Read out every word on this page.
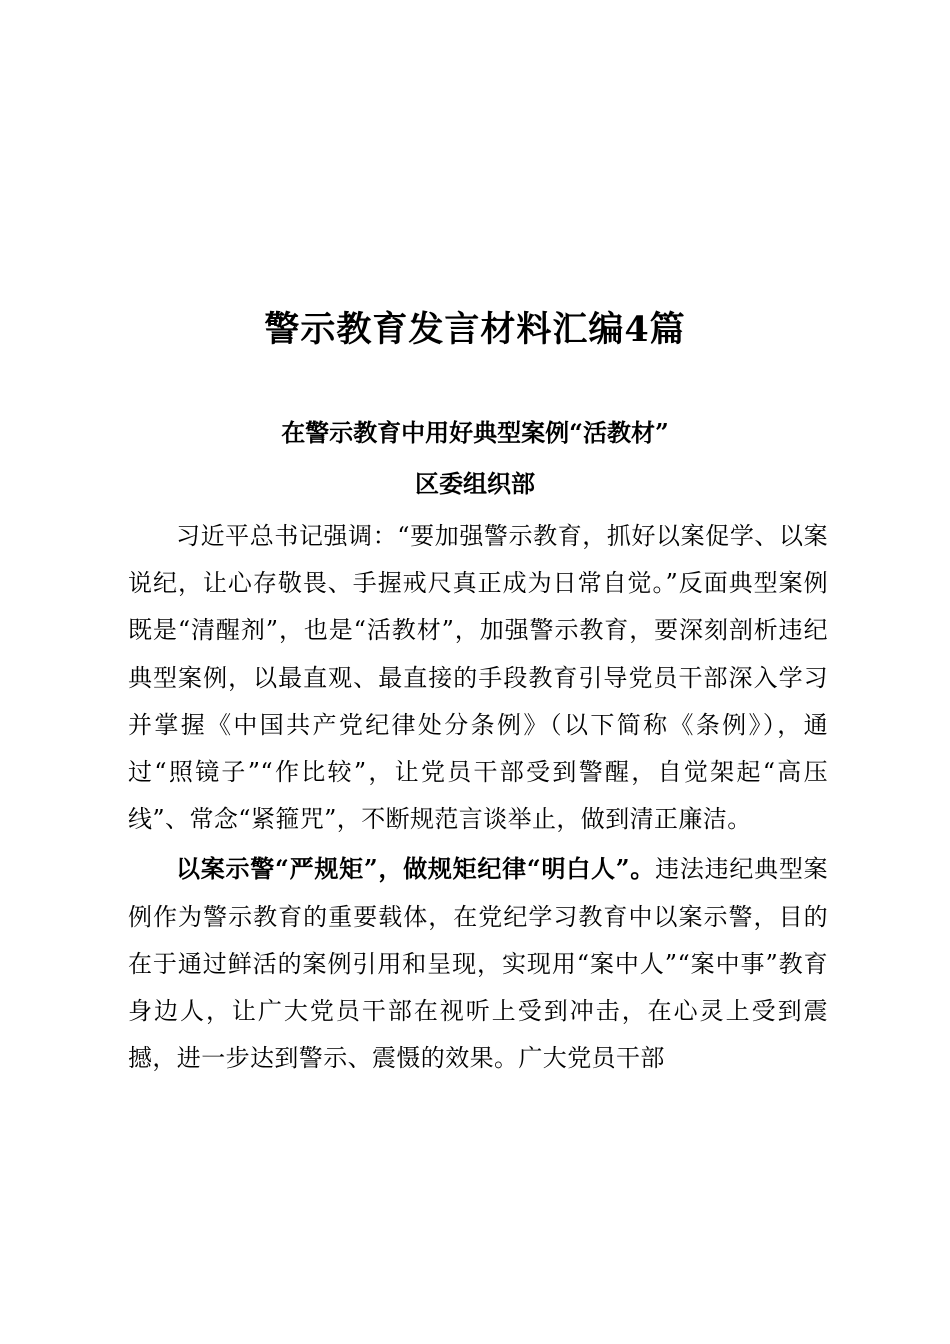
警示教育发言材料汇编4篇
在警示教育中用好典型案例“活教材”
区委组织部

习近平总书记强调：“要加强警示教育，抓好以案促学、以案说纪，让心存敬畏、手握戒尺真正成为日常自觉。”反面典型案例既是“清醒剂”，也是“活教材”，加强警示教育，要深刻剖析违纪典型案例，以最直观、最直接的手段教育引导党员干部深入学习并掌握《中国共产党纪律处分条例》（以下简称《条例》），通过“照镜子”“作比较”，让党员干部受到警醒，自觉架起“高压线”、常念“紧箍咒”，不断规范言谈举止，做到清正廉洁。

以案示警“严规矩”，做规矩纪律“明白人”。违法违纪典型案例作为警示教育的重要载体，在党纪学习教育中以案示警，目的在于通过鲜活的案例引用和呈现，实现用“案中人”“案中事”教育身边人，让广大党员干部在视听上受到冲击，在心灵上受到震撼，进一步达到警示、震慑的效果。广大党员干部
